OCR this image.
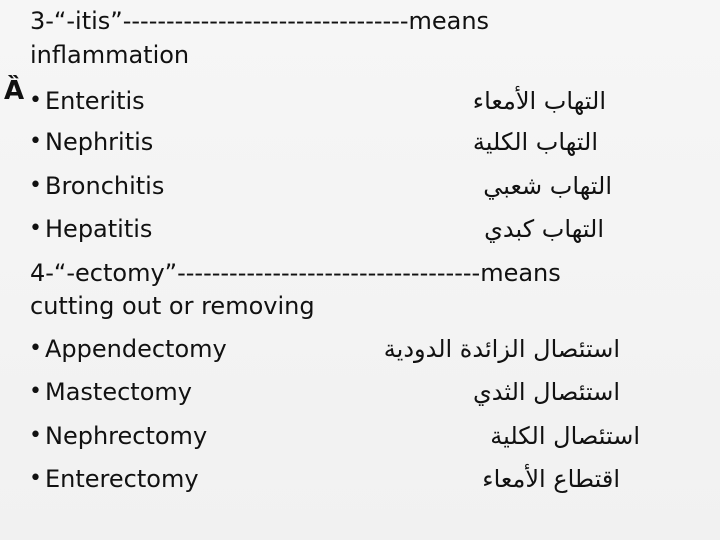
3-“-itis”---------------------------------means
inflammation
Ȁ • Enteritis	التهاب الأمعاء
• Nephritis	التهاب الكلية
• Bronchitis	التهاب شعبي
• Hepatitis	التهاب كبدي
4-“-ectomy”-----------------------------------means
cutting out or removing
• Appendectomy	استئصال الزائدة الدودية
• Mastectomy	استئصال الثدي
• Nephrectomy	استئصال الكلية
• Enterectomy	اقتطاع الأمعاء
